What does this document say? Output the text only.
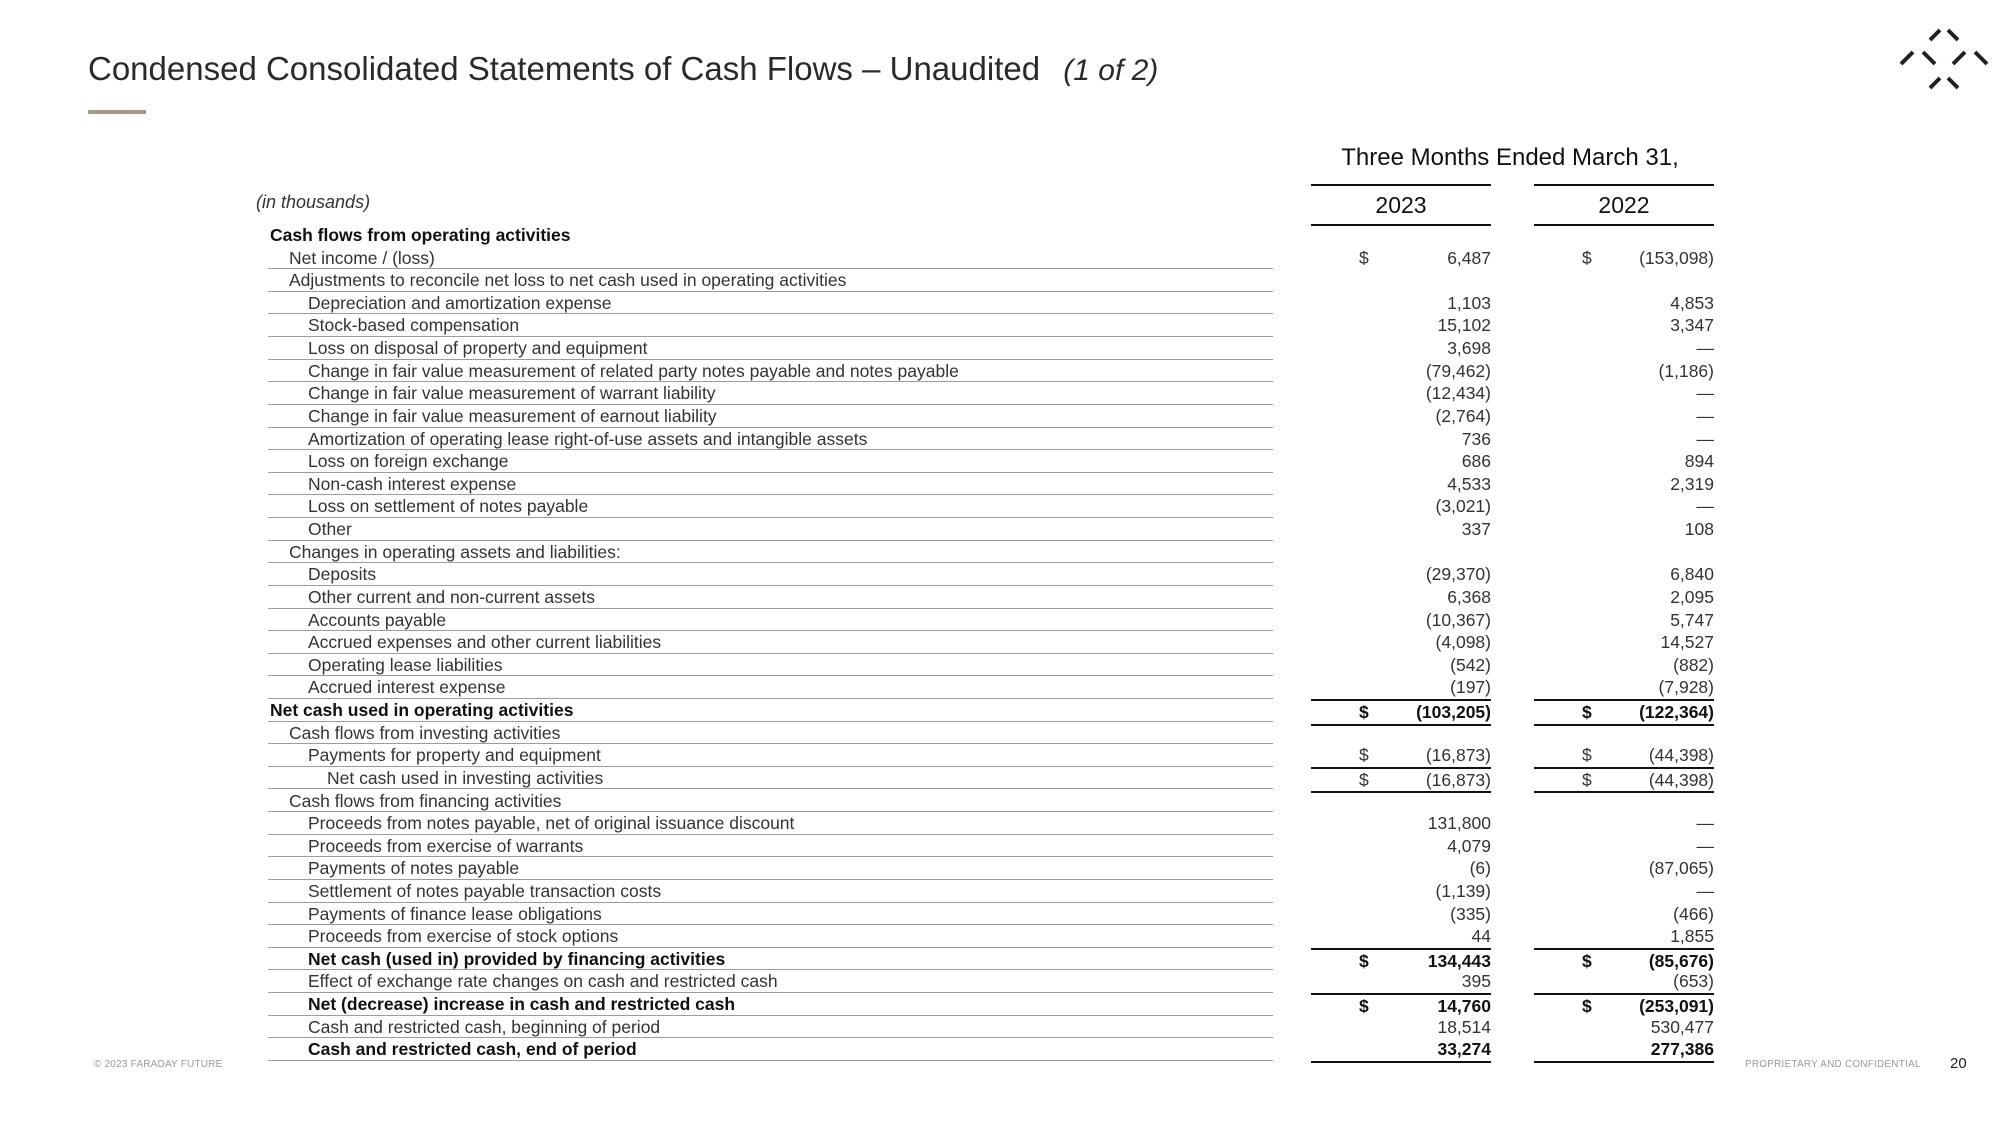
Condensed Consolidated Statements of Cash Flows – Unaudited (1 of 2)
Three Months Ended March 31,
(in thousands)	2023	2022
Cash flows from operating activities
Net income / (loss)	$	6,487	$	(153,098)
Adjustments to reconcile net loss to net cash used in operating activities
Depreciation and amortization expense	1,103	4,853
Stock-based compensation	15,102	3,347
Loss on disposal of property and equipment	3,698	—
Change in fair value measurement of related party notes payable and notes payable	(79,462)	(1,186)
Change in fair value measurement of warrant liability	(12,434)	—
Change in fair value measurement of earnout liability	(2,764)	—
Amortization of operating lease right-of-use assets and intangible assets	736	—
Loss on foreign exchange	686	894
Non-cash interest expense	4,533	2,319
Loss on settlement of notes payable	(3,021)	—
Other	337	108
Changes in operating assets and liabilities:
Deposits	(29,370)	6,840
Other current and non-current assets	6,368	2,095
Accounts payable	(10,367)	5,747
Accrued expenses and other current liabilities	(4,098)	14,527
Operating lease liabilities	(542)	(882)
Accrued interest expense	(197)	(7,928)
Net cash used in operating activities	$	(103,205)	$	(122,364)
Cash flows from investing activities
Payments for property and equipment	$	(16,873)	$	(44,398)
Net cash used in investing activities	$	(16,873)	$	(44,398)
Cash flows from financing activities
Proceeds from notes payable, net of original issuance discount	131,800	—
Proceeds from exercise of warrants	4,079	—
Payments of notes payable	(6)	(87,065)
Settlement of notes payable transaction costs	(1,139)	—
Payments of finance lease obligations	(335)	(466)
Proceeds from exercise of stock options	44	1,855
Net cash (used in) provided by financing activities	$	134,443	$	(85,676)
Effect of exchange rate changes on cash and restricted cash	395	(653)
Net (decrease) increase in cash and restricted cash	$	14,760	$	(253,091)
Cash and restricted cash, beginning of period	18,514	530,477
Cash and restricted cash, end of period	33,274	277,386
© 2023 FARADAY FUTURE	PROPRIETARY AND CONFIDENTIAL 20
